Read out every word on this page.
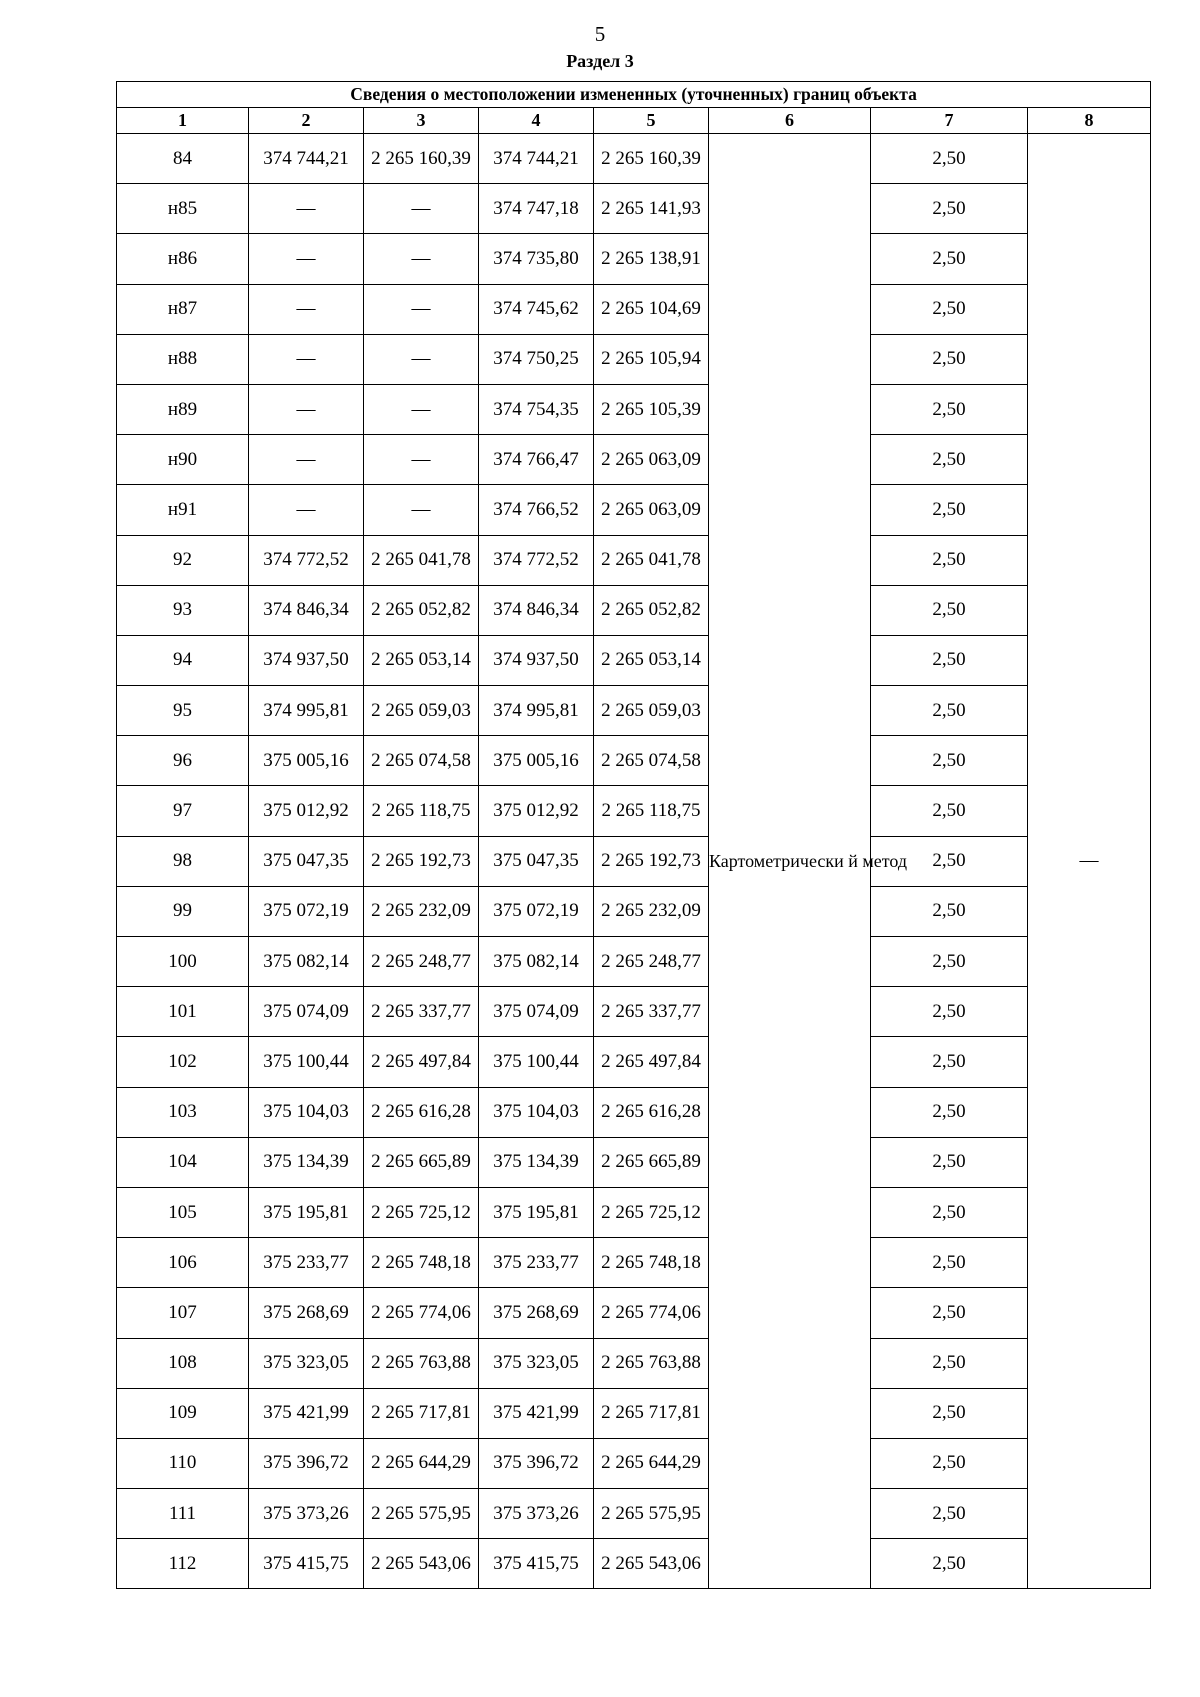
5
Раздел 3
Сведения о местоположении измененных (уточненных) границ объекта							
1	2	3	4	5	6	7	8
84	374 744,21	2 265 160,39	374 744,21	2 265 160,39	Картометрически й метод	2,50	—
н85	—	—	374 747,18	2 265 141,93		2,50	
н86	—	—	374 735,80	2 265 138,91		2,50	
н87	—	—	374 745,62	2 265 104,69		2,50	
н88	—	—	374 750,25	2 265 105,94		2,50	
н89	—	—	374 754,35	2 265 105,39		2,50	
н90	—	—	374 766,47	2 265 063,09		2,50	
н91	—	—	374 766,52	2 265 063,09		2,50	
92	374 772,52	2 265 041,78	374 772,52	2 265 041,78		2,50	
93	374 846,34	2 265 052,82	374 846,34	2 265 052,82		2,50	
94	374 937,50	2 265 053,14	374 937,50	2 265 053,14		2,50	
95	374 995,81	2 265 059,03	374 995,81	2 265 059,03		2,50	
96	375 005,16	2 265 074,58	375 005,16	2 265 074,58		2,50	
97	375 012,92	2 265 118,75	375 012,92	2 265 118,75		2,50	
98	375 047,35	2 265 192,73	375 047,35	2 265 192,73		2,50	
99	375 072,19	2 265 232,09	375 072,19	2 265 232,09		2,50	
100	375 082,14	2 265 248,77	375 082,14	2 265 248,77		2,50	
101	375 074,09	2 265 337,77	375 074,09	2 265 337,77		2,50	
102	375 100,44	2 265 497,84	375 100,44	2 265 497,84		2,50	
103	375 104,03	2 265 616,28	375 104,03	2 265 616,28		2,50	
104	375 134,39	2 265 665,89	375 134,39	2 265 665,89		2,50	
105	375 195,81	2 265 725,12	375 195,81	2 265 725,12		2,50	
106	375 233,77	2 265 748,18	375 233,77	2 265 748,18		2,50	
107	375 268,69	2 265 774,06	375 268,69	2 265 774,06		2,50	
108	375 323,05	2 265 763,88	375 323,05	2 265 763,88		2,50	
109	375 421,99	2 265 717,81	375 421,99	2 265 717,81		2,50	
110	375 396,72	2 265 644,29	375 396,72	2 265 644,29		2,50	
111	375 373,26	2 265 575,95	375 373,26	2 265 575,95		2,50	
112	375 415,75	2 265 543,06	375 415,75	2 265 543,06		2,50	
